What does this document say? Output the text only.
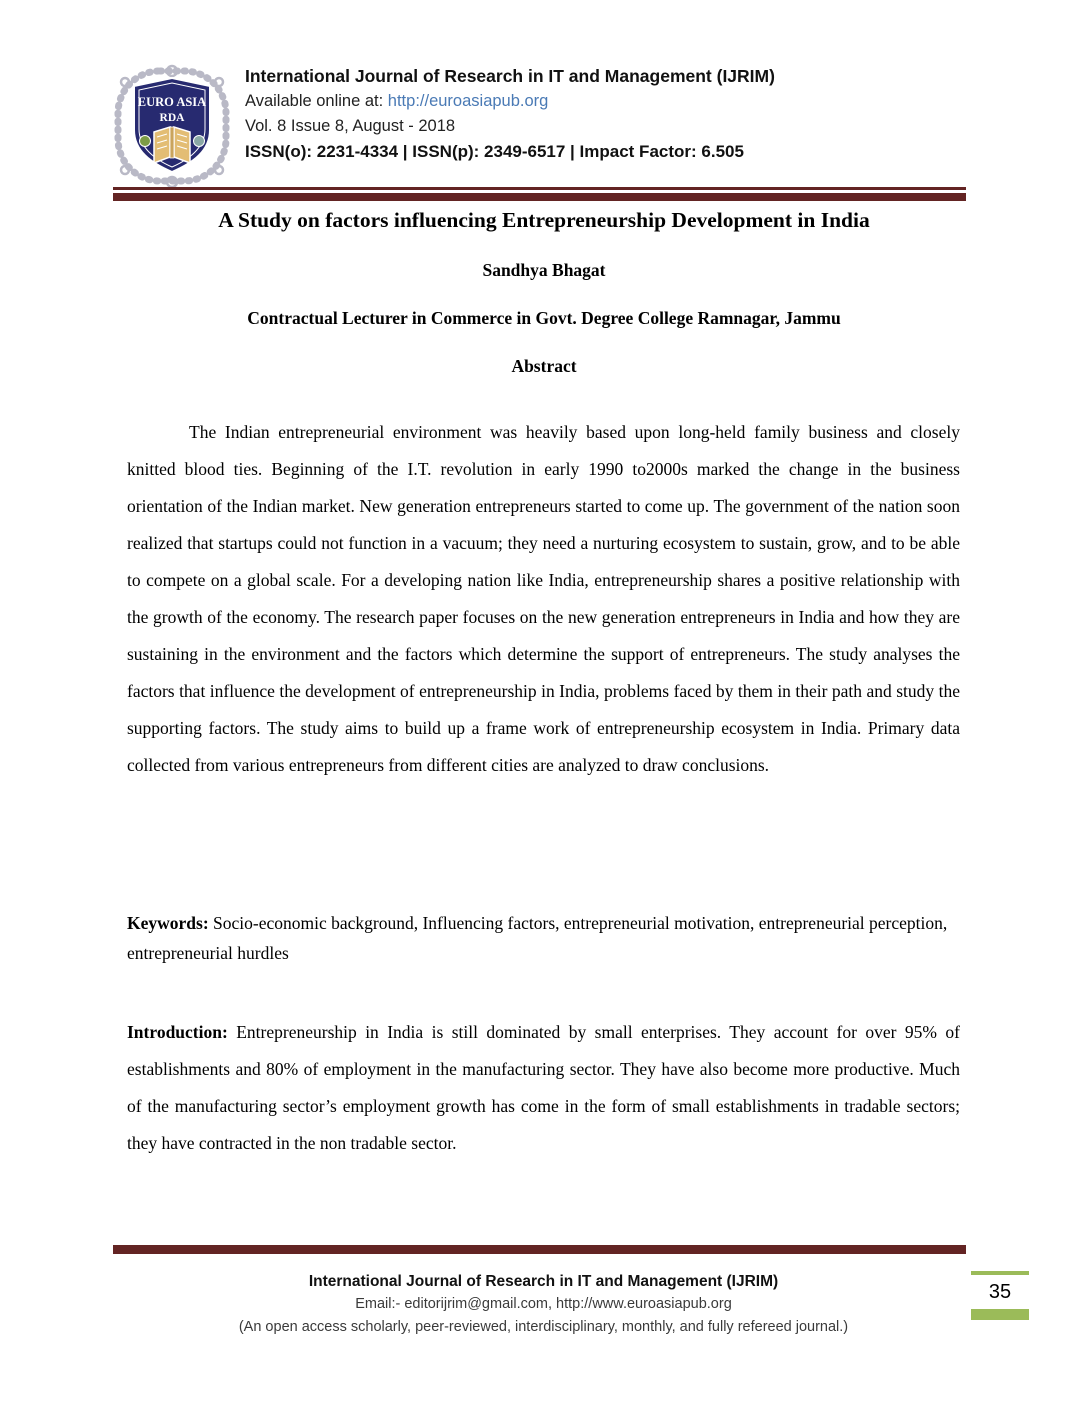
EURO ASIA
RDA
International Journal of Research in IT and Management (IJRIM)
Available online at: http://euroasiapub.org
Vol. 8 Issue 8, August - 2018
ISSN(o): 2231-4334 | ISSN(p): 2349-6517 | Impact Factor: 6.505
A Study on factors influencing Entrepreneurship Development in India
Sandhya Bhagat
Contractual Lecturer in Commerce in Govt. Degree College Ramnagar, Jammu
Abstract

The Indian entrepreneurial environment was heavily based upon long-held family business and closely knitted blood ties. Beginning of the I.T. revolution in early 1990 to2000s marked the change in the business orientation of the Indian market. New generation entrepreneurs started to come up. The government of the nation soon realized that startups could not function in a vacuum; they need a nurturing ecosystem to sustain, grow, and to be able to compete on a global scale. For a developing nation like India, entrepreneurship shares a positive relationship with the growth of the economy. The research paper focuses on the new generation entrepreneurs in India and how they are sustaining in the environment and the factors which determine the support of entrepreneurs. The study analyses the factors that influence the development of entrepreneurship in India, problems faced by them in their path and study the supporting factors. The study aims to build up a frame work of entrepreneurship ecosystem in India. Primary data collected from various entrepreneurs from different cities are analyzed to draw conclusions.

Keywords: Socio-economic background, Influencing factors, entrepreneurial motivation, entrepreneurial perception, entrepreneurial hurdles

Introduction: Entrepreneurship in India is still dominated by small enterprises. They account for over 95% of establishments and 80% of employment in the manufacturing sector. They have also become more productive. Much of the manufacturing sector’s employment growth has come in the form of small establishments in tradable sectors; they have contracted in the non tradable sector.

International Journal of Research in IT and Management (IJRIM)
Email:- editorijrim@gmail.com, http://www.euroasiapub.org
(An open access scholarly, peer-reviewed, interdisciplinary, monthly, and fully refereed journal.)
35
